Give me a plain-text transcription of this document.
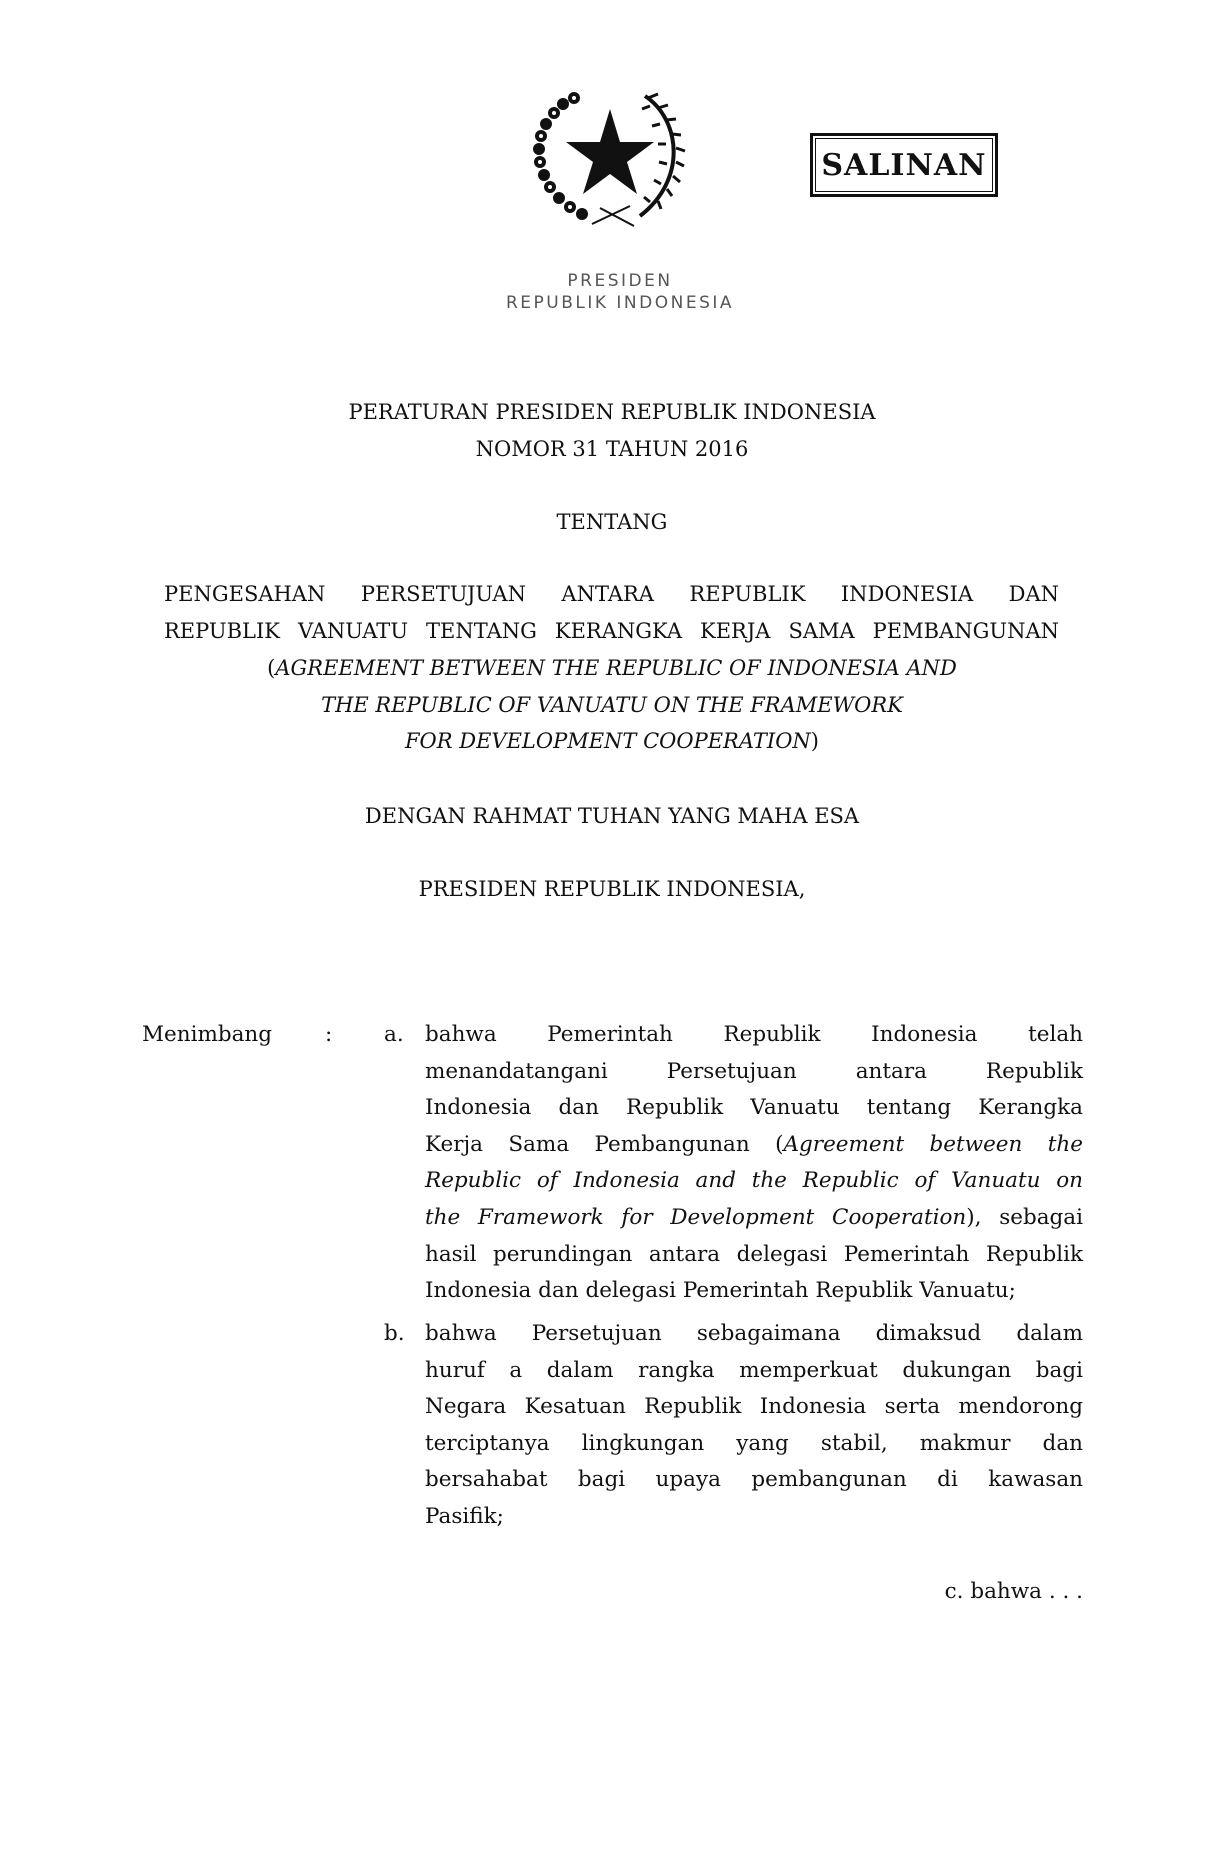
SALINAN
PRESIDEN
REPUBLIK INDONESIA
PERATURAN PRESIDEN REPUBLIK INDONESIA
NOMOR 31 TAHUN 2016
TENTANG
PENGESAHAN PERSETUJUAN ANTARA REPUBLIK INDONESIA DAN
REPUBLIK VANUATU TENTANG KERANGKA KERJA SAMA PEMBANGUNAN
(AGREEMENT BETWEEN THE REPUBLIC OF INDONESIA AND
THE REPUBLIC OF VANUATU ON THE FRAMEWORK
FOR DEVELOPMENT COOPERATION)
DENGAN RAHMAT TUHAN YANG MAHA ESA
PRESIDEN REPUBLIK INDONESIA,
Menimbang : a. bahwa Pemerintah Republik Indonesia telah
menandatangani Persetujuan antara Republik
Indonesia dan Republik Vanuatu tentang Kerangka
Kerja Sama Pembangunan (Agreement between the
Republic of Indonesia and the Republic of Vanuatu on
the Framework for Development Cooperation), sebagai
hasil perundingan antara delegasi Pemerintah Republik
Indonesia dan delegasi Pemerintah Republik Vanuatu;
b. bahwa Persetujuan sebagaimana dimaksud dalam
huruf a dalam rangka memperkuat dukungan bagi
Negara Kesatuan Republik Indonesia serta mendorong
terciptanya lingkungan yang stabil, makmur dan
bersahabat bagi upaya pembangunan di kawasan
Pasifik;
c. bahwa . . .
